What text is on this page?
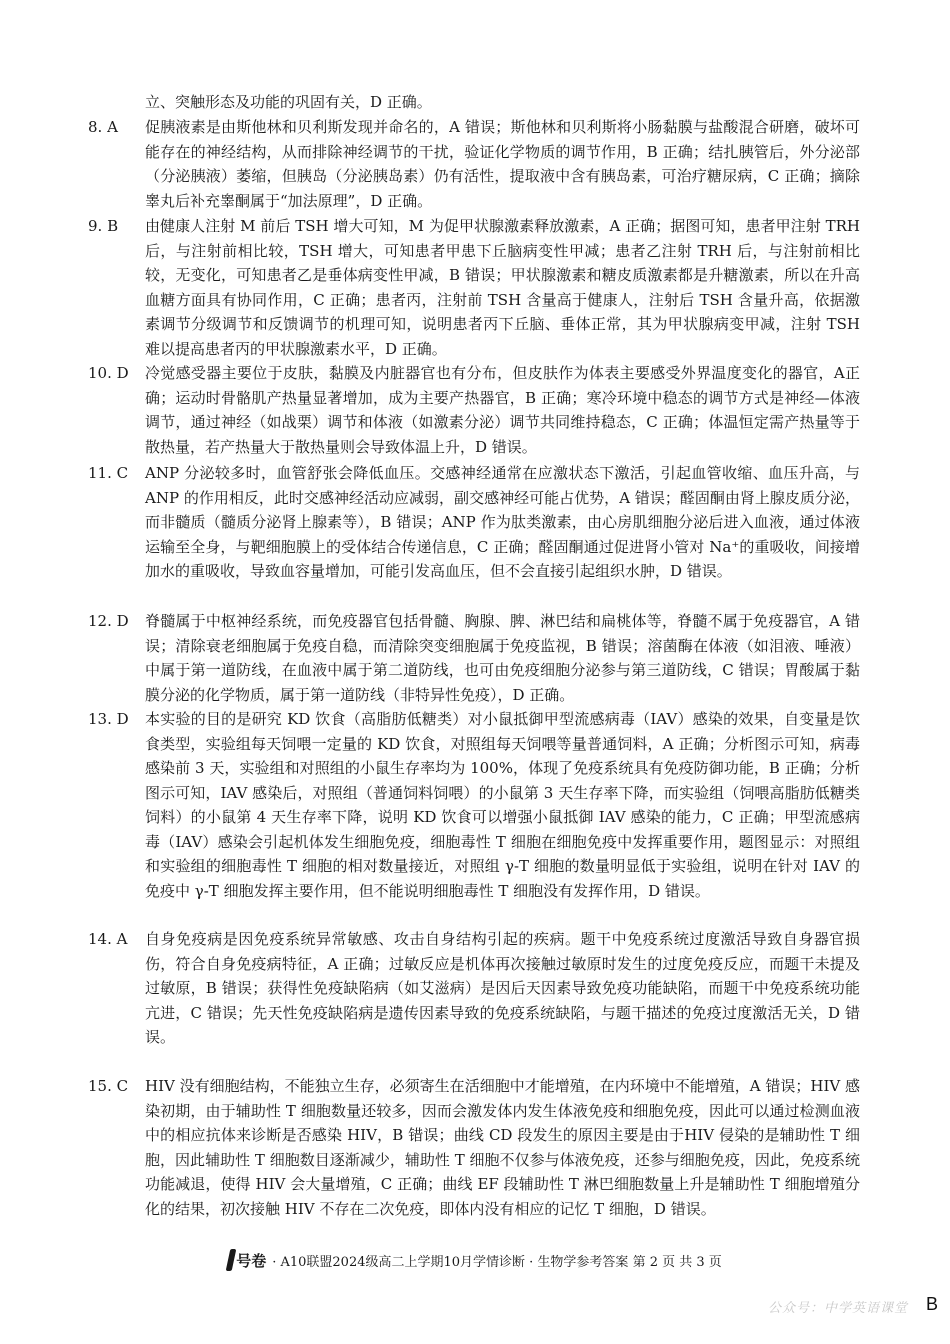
立、突触形态及功能的巩固有关，D 正确。
8. A 促胰液素是由斯他林和贝利斯发现并命名的，A 错误；斯他林和贝利斯将小肠黏膜与盐酸混合研磨，破坏可能存在的神经结构，从而排除神经调节的干扰，验证化学物质的调节作用，B 正确；结扎胰管后，外分泌部（分泌胰液）萎缩，但胰岛（分泌胰岛素）仍有活性，提取液中含有胰岛素，可治疗糖尿病，C 正确；摘除睾丸后补充睾酮属于“加法原理”，D 正确。
9. B 由健康人注射 M 前后 TSH 增大可知，M 为促甲状腺激素释放激素，A 正确；据图可知，患者甲注射 TRH 后，与注射前相比较，TSH 增大，可知患者甲患下丘脑病变性甲减；患者乙注射 TRH 后，与注射前相比较，无变化，可知患者乙是垂体病变性甲减，B 错误；甲状腺激素和糖皮质激素都是升糖激素，所以在升高血糖方面具有协同作用，C 正确；患者丙，注射前 TSH 含量高于健康人，注射后 TSH 含量升高，依据激素调节分级调节和反馈调节的机理可知，说明患者丙下丘脑、垂体正常，其为甲状腺病变甲减，注射 TSH 难以提高患者丙的甲状腺激素水平，D 正确。
10. D 冷觉感受器主要位于皮肤，黏膜及内脏器官也有分布，但皮肤作为体表主要感受外界温度变化的器官，A正确；运动时骨骼肌产热量显著增加，成为主要产热器官，B 正确；寒冷环境中稳态的调节方式是神经—体液调节，通过神经（如战栗）调节和体液（如激素分泌）调节共同维持稳态，C 正确；体温恒定需产热量等于散热量，若产热量大于散热量则会导致体温上升，D 错误。
11. C ANP 分泌较多时，血管舒张会降低血压。交感神经通常在应激状态下激活，引起血管收缩、血压升高，与 ANP 的作用相反，此时交感神经活动应减弱，副交感神经可能占优势，A 错误；醛固酮由肾上腺皮质分泌，而非髓质（髓质分泌肾上腺素等），B 错误；ANP 作为肽类激素，由心房肌细胞分泌后进入血液，通过体液运输至全身，与靶细胞膜上的受体结合传递信息，C 正确；醛固酮通过促进肾小管对 Na⁺的重吸收，间接增加水的重吸收，导致血容量增加，可能引发高血压，但不会直接引起组织水肿，D 错误。
12. D 脊髓属于中枢神经系统，而免疫器官包括骨髓、胸腺、脾、淋巴结和扁桃体等，脊髓不属于免疫器官，A 错误；清除衰老细胞属于免疫自稳，而清除突变细胞属于免疫监视，B 错误；溶菌酶在体液（如泪液、唾液）中属于第一道防线，在血液中属于第二道防线，也可由免疫细胞分泌参与第三道防线，C 错误；胃酸属于黏膜分泌的化学物质，属于第一道防线（非特异性免疫），D 正确。
13. D 本实验的目的是研究 KD 饮食（高脂肪低糖类）对小鼠抵御甲型流感病毒（IAV）感染的效果，自变量是饮食类型，实验组每天饲喂一定量的 KD 饮食，对照组每天饲喂等量普通饲料，A 正确；分析图示可知，病毒感染前 3 天，实验组和对照组的小鼠生存率均为 100%，体现了免疫系统具有免疫防御功能，B 正确；分析图示可知，IAV 感染后，对照组（普通饲料饲喂）的小鼠第 3 天生存率下降，而实验组（饲喂高脂肪低糖类饲料）的小鼠第 4 天生存率下降，说明 KD 饮食可以增强小鼠抵御 IAV 感染的能力，C 正确；甲型流感病毒（IAV）感染会引起机体发生细胞免疫，细胞毒性 T 细胞在细胞免疫中发挥重要作用，题图显示：对照组和实验组的细胞毒性 T 细胞的相对数量接近，对照组 γ-T 细胞的数量明显低于实验组，说明在针对 IAV 的免疫中 γ-T 细胞发挥主要作用，但不能说明细胞毒性 T 细胞没有发挥作用，D 错误。
14. A 自身免疫病是因免疫系统异常敏感、攻击自身结构引起的疾病。题干中免疫系统过度激活导致自身器官损伤，符合自身免疫病特征，A 正确；过敏反应是机体再次接触过敏原时发生的过度免疫反应，而题干未提及过敏原，B 错误；获得性免疫缺陷病（如艾滋病）是因后天因素导致免疫功能缺陷，而题干中免疫系统功能亢进，C 错误；先天性免疫缺陷病是遗传因素导致的免疫系统缺陷，与题干描述的免疫过度激活无关，D 错误。
15. C HIV 没有细胞结构，不能独立生存，必须寄生在活细胞中才能增殖，在内环境中不能增殖，A 错误；HIV 感染初期，由于辅助性 T 细胞数量还较多，因而会激发体内发生体液免疫和细胞免疫，因此可以通过检测血液中的相应抗体来诊断是否感染 HIV，B 错误；曲线 CD 段发生的原因主要是由于HIV 侵染的是辅助性 T 细胞，因此辅助性 T 细胞数目逐渐减少，辅助性 T 细胞不仅参与体液免疫，还参与细胞免疫，因此，免疫系统功能减退，使得 HIV 会大量增殖，C 正确；曲线 EF 段辅助性 T 淋巴细胞数量上升是辅助性 T 细胞增殖分化的结果，初次接触 HIV 不存在二次免疫，即体内没有相应的记忆 T 细胞，D 错误。
号卷 · A10联盟2024级高二上学期10月学情诊断 · 生物学参考答案 第 2 页 共 3 页
公众号：中学英语课堂 B
